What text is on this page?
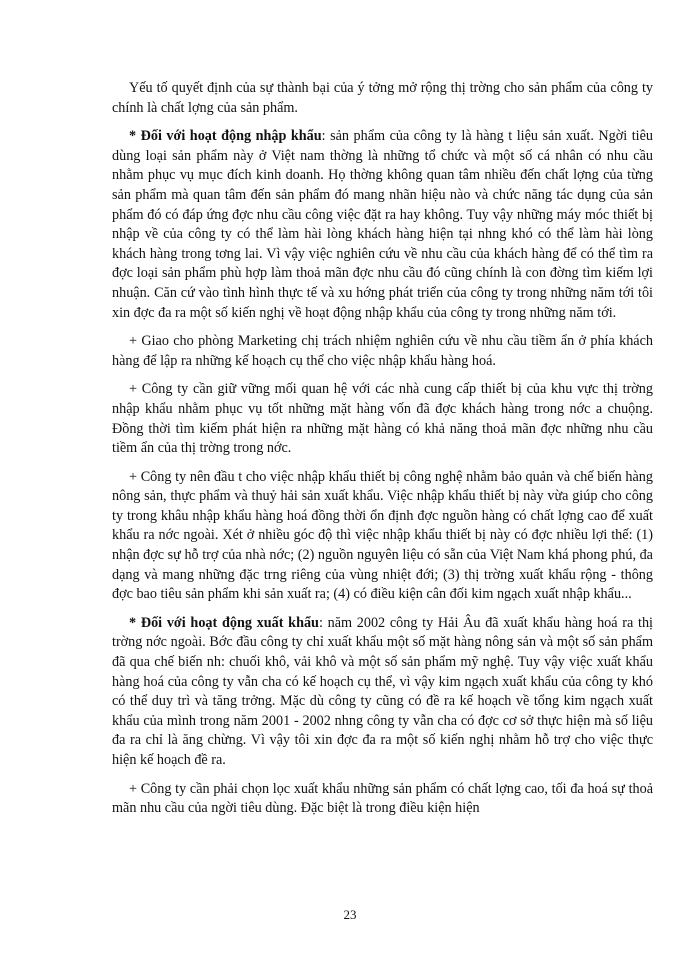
Yếu tố quyết định của sự thành bại của ý tởng mở rộng thị trờng cho sản phẩm của công ty chính là chất lợng của sản phẩm.

* Đối với hoạt động nhập khẩu: sản phẩm của công ty là hàng t liệu sản xuất. Ngời tiêu dùng loại sản phẩm này ở Việt nam thờng là những tổ chức và một số cá nhân có nhu cầu nhằm phục vụ mục đích kinh doanh. Họ thờng không quan tâm nhiều đến chất lợng của từng sản phẩm mà quan tâm đến sản phẩm đó mang nhãn hiệu nào và chức năng tác dụng của sản phẩm đó có đáp ứng đợc nhu cầu công việc đặt ra hay không. Tuy vậy những máy móc thiết bị nhập về của công ty có thể làm hài lòng khách hàng hiện tại nhng khó có thể làm hài lòng khách hàng trong tơng lai. Vì vậy việc nghiên cứu về nhu cầu của khách hàng để có thể tìm ra đợc loại sản phẩm phù hợp làm thoả mãn đợc nhu cầu đó cũng chính là con đờng tìm kiếm lợi nhuận. Căn cứ vào tình hình thực tế và xu hớng phát triển của công ty trong những năm tới tôi xin đợc đa ra một số kiến nghị về hoạt động nhập khẩu của công ty trong những năm tới.

+ Giao cho phòng Marketing chị trách nhiệm nghiên cứu về nhu cầu tiềm ẩn ở phía khách hàng để lập ra những kế hoạch cụ thể cho việc nhập khẩu hàng hoá.

+ Công ty cần giữ vững mối quan hệ với các nhà cung cấp thiết bị của khu vực thị trờng nhập khẩu nhằm phục vụ tốt những mặt hàng vốn đã đợc khách hàng trong nớc a chuộng. Đồng thời tìm kiếm phát hiện ra những mặt hàng có khả năng thoả mãn đợc những nhu cầu tiềm ẩn của thị trờng trong nớc.

+ Công ty nên đầu t cho việc nhập khẩu thiết bị công nghệ nhằm bảo quản và chế biến hàng nông sản, thực phẩm và thuỷ hải sản xuất khẩu. Việc nhập khẩu thiết bị này vừa giúp cho công ty trong khâu nhập khẩu hàng hoá đồng thời ổn định đợc nguồn hàng có chất lợng cao để xuất khẩu ra nớc ngoài. Xét ở nhiều góc độ thì việc nhập khẩu thiết bị này có đợc nhiều lợi thế: (1) nhận đợc sự hỗ trợ của nhà nớc; (2) nguồn nguyên liệu có sẵn của Việt Nam khá phong phú, đa dạng và mang những đặc trng riêng của vùng nhiệt đới; (3) thị trờng xuất khẩu rộng - thông đợc bao tiêu sản phẩm khi sản xuất ra; (4) có điều kiện cân đối kim ngạch xuất nhập khẩu...

* Đối với hoạt động xuất khẩu: năm 2002 công ty Hải Âu đã xuất khẩu hàng hoá ra thị trờng nớc ngoài. Bớc đầu công ty chỉ xuất khẩu một số mặt hàng nông sản và một số sản phẩm đã qua chế biến nh: chuối khô, vải khô và một số sản phẩm mỹ nghệ. Tuy vậy việc xuất khẩu hàng hoá của công ty vẫn cha có kế hoạch cụ thể, vì vậy kim ngạch xuất khẩu của công ty khó có thể duy trì và tăng trởng. Mặc dù công ty cũng có đề ra kế hoạch về tổng kim ngạch xuất khẩu của mình trong năm 2001 - 2002 nhng công ty vẫn cha có đợc cơ sở thực hiện mà số liệu đa ra chỉ là ăng chừng. Vì vậy tôi xin đợc đa ra một số kiến nghị nhằm hỗ trợ cho việc thực hiện kế hoạch đề ra.

+ Công ty cần phải chọn lọc xuất khẩu những sản phẩm có chất lợng cao, tối đa hoá sự thoả mãn nhu cầu của ngời tiêu dùng. Đặc biệt là trong điều kiện hiện

23
